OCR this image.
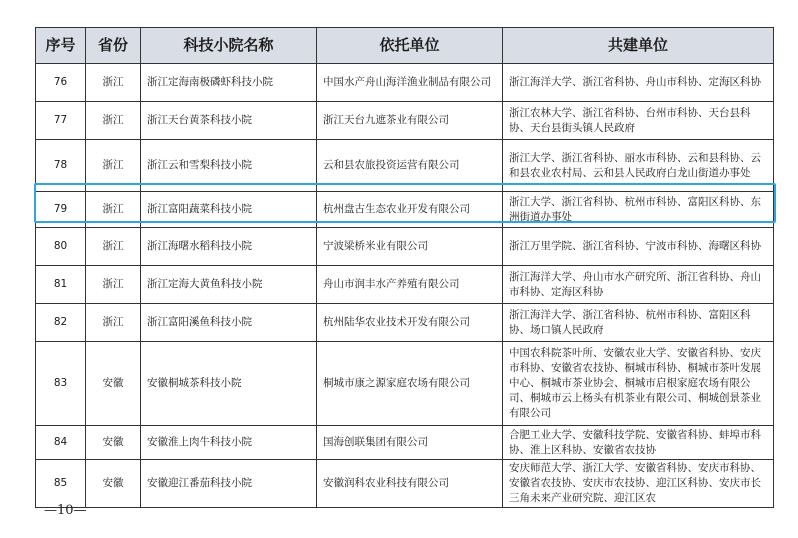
序号	省份	科技小院名称	依托单位	共建单位
76	浙江	浙江定海南极磷虾科技小院	中国水产舟山海洋渔业制品有限公司	浙江海洋大学、浙江省科协、舟山市科协、定海区科协
77	浙江	浙江天台黄茶科技小院	浙江天台九遮茶业有限公司	浙江农林大学、浙江省科协、台州市科协、天台县科协、天台县街头镇人民政府
78	浙江	浙江云和雪梨科技小院	云和县农旅投资运营有限公司	浙江大学、浙江省科协、丽水市科协、云和县科协、云和县农业农村局、云和县人民政府白龙山街道办事处
79	浙江	浙江富阳蔬菜科技小院	杭州盘古生态农业开发有限公司	浙江大学、浙江省科协、杭州市科协、富阳区科协、东洲街道办事处
80	浙江	浙江海曙水稻科技小院	宁波梁桥米业有限公司	浙江万里学院、浙江省科协、宁波市科协、海曙区科协
81	浙江	浙江定海大黄鱼科技小院	舟山市润丰水产养殖有限公司	浙江海洋大学、舟山市水产研究所、浙江省科协、舟山市科协、定海区科协
82	浙江	浙江富阳溪鱼科技小院	杭州陆华农业技术开发有限公司	浙江海洋大学、浙江省科协、杭州市科协、富阳区科协、场口镇人民政府
83	安徽	安徽桐城茶科技小院	桐城市康之源家庭农场有限公司	中国农科院茶叶所、安徽农业大学、安徽省科协、安庆市科协、安徽省农技协、桐城市科协、桐城市茶叶发展中心、桐城市茶业协会、桐城市启根家庭农场有限公司、桐城市云上杨头有机茶业有限公司、桐城创景茶业有限公司
84	安徽	安徽淮上肉牛科技小院	国海创联集团有限公司	合肥工业大学、安徽科技学院、安徽省科协、蚌埠市科协、淮上区科协、安徽省农技协
85	安徽	安徽迎江番茄科技小院	安徽润科农业科技有限公司	安庆师范大学、浙江大学、安徽省科协、安庆市科协、安徽省农技协、安庆市农技协、迎江区科协、安庆市长三角未来产业研究院、迎江区农
—10—
